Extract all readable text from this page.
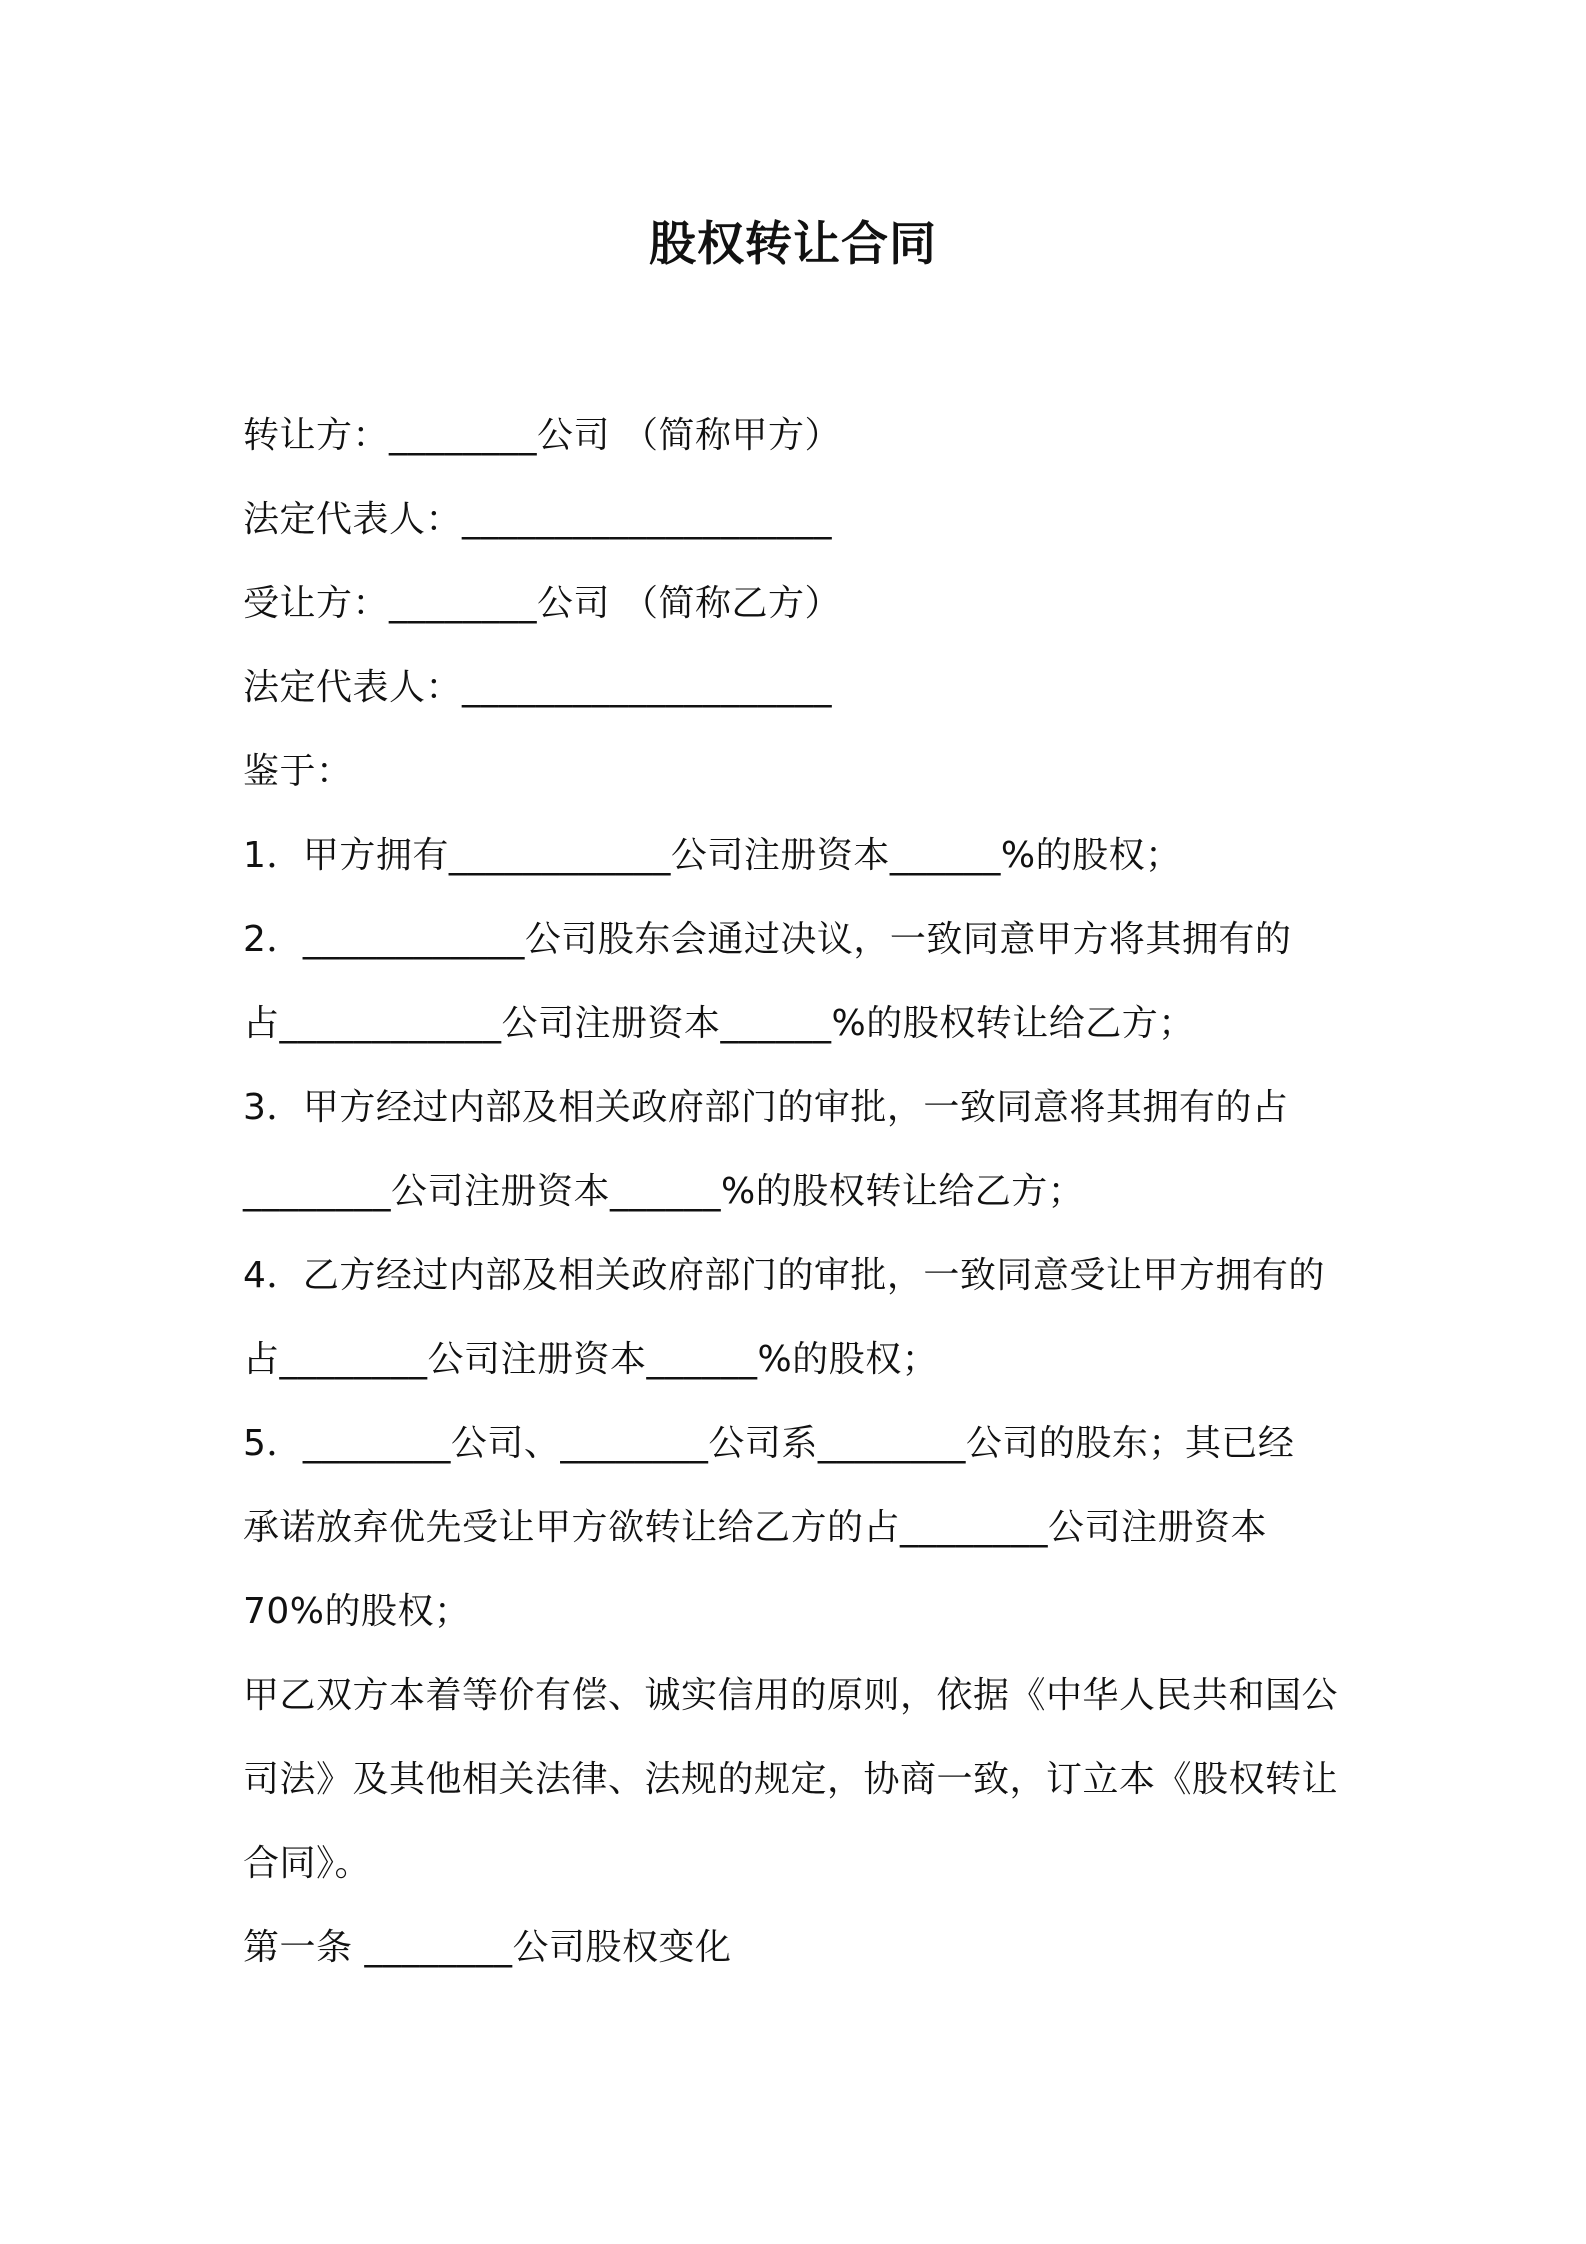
股权转让合同
转让方：________公司 （简称甲方）
法定代表人：____________________
受让方：________公司 （简称乙方）
法定代表人：____________________
鉴于：
1．甲方拥有____________公司注册资本______%的股权；
2．____________公司股东会通过决议，一致同意甲方将其拥有的
占____________公司注册资本______%的股权转让给乙方；
3．甲方经过内部及相关政府部门的审批，一致同意将其拥有的占
________公司注册资本______%的股权转让给乙方；
4．乙方经过内部及相关政府部门的审批，一致同意受让甲方拥有的
占________公司注册资本______%的股权；
5．________公司、________公司系________公司的股东；其已经
承诺放弃优先受让甲方欲转让给乙方的占________公司注册资本
70%的股权；
甲乙双方本着等价有偿、诚实信用的原则，依据《中华人民共和国公
司法》及其他相关法律、法规的规定，协商一致，订立本《股权转让
合同》。
第一条 ________公司股权变化
